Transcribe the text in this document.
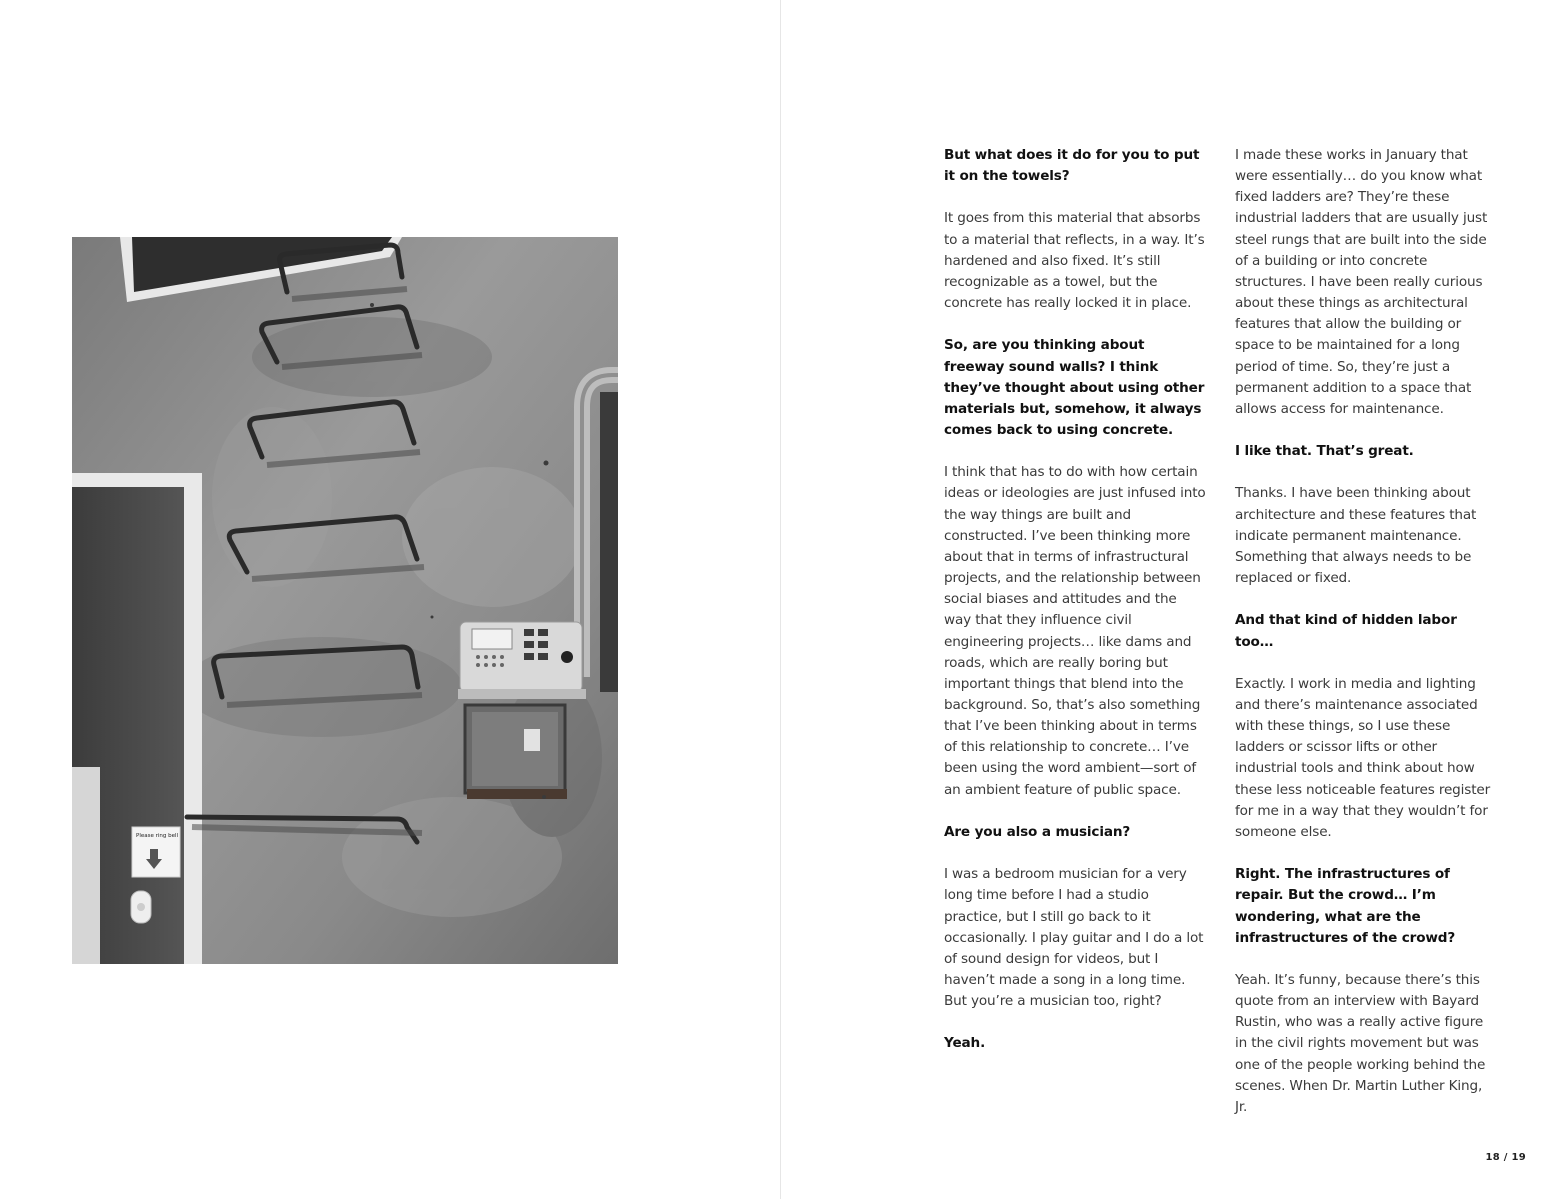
Please ring bell

But what does it do for you to put it on the towels?

It goes from this material that absorbs to a material that reflects, in a way. It’s hardened and also fixed. It’s still recognizable as a towel, but the concrete has really locked it in place.

So, are you thinking about freeway sound walls? I think they’ve thought about using other materials but, somehow, it always comes back to using concrete.

I think that has to do with how certain ideas or ideologies are just infused into the way things are built and constructed. I’ve been thinking more about that in terms of infrastructural projects, and the relationship between social biases and attitudes and the way that they influence civil engineering projects… like dams and roads, which are really boring but important things that blend into the background. So, that’s also something that I’ve been thinking about in terms of this relationship to concrete… I’ve been using the word ambient—sort of an ambient feature of public space.

Are you also a musician?

I was a bedroom musician for a very long time before I had a studio practice, but I still go back to it occasionally. I play guitar and I do a lot of sound design for videos, but I haven’t made a song in a long time. But you’re a musician too, right?

Yeah.

I made these works in January that were essentially… do you know what fixed ladders are? They’re these industrial ladders that are usually just steel rungs that are built into the side of a building or into concrete structures. I have been really curious about these things as architectural features that allow the building or space to be maintained for a long period of time. So, they’re just a permanent addition to a space that allows access for maintenance.

I like that. That’s great.

Thanks. I have been thinking about architecture and these features that indicate permanent maintenance. Something that always needs to be replaced or fixed.

And that kind of hidden labor too…

Exactly. I work in media and lighting and there’s maintenance associated with these things, so I use these ladders or scissor lifts or other industrial tools and think about how these less noticeable features register for me in a way that they wouldn’t for someone else.

Right. The infrastructures of repair. But the crowd… I’m wondering, what are the infrastructures of the crowd?

Yeah. It’s funny, because there’s this quote from an interview with Bayard Rustin, who was a really active figure in the civil rights movement but was one of the people working behind the scenes. When Dr. Martin Luther King, Jr.

18 / 19
